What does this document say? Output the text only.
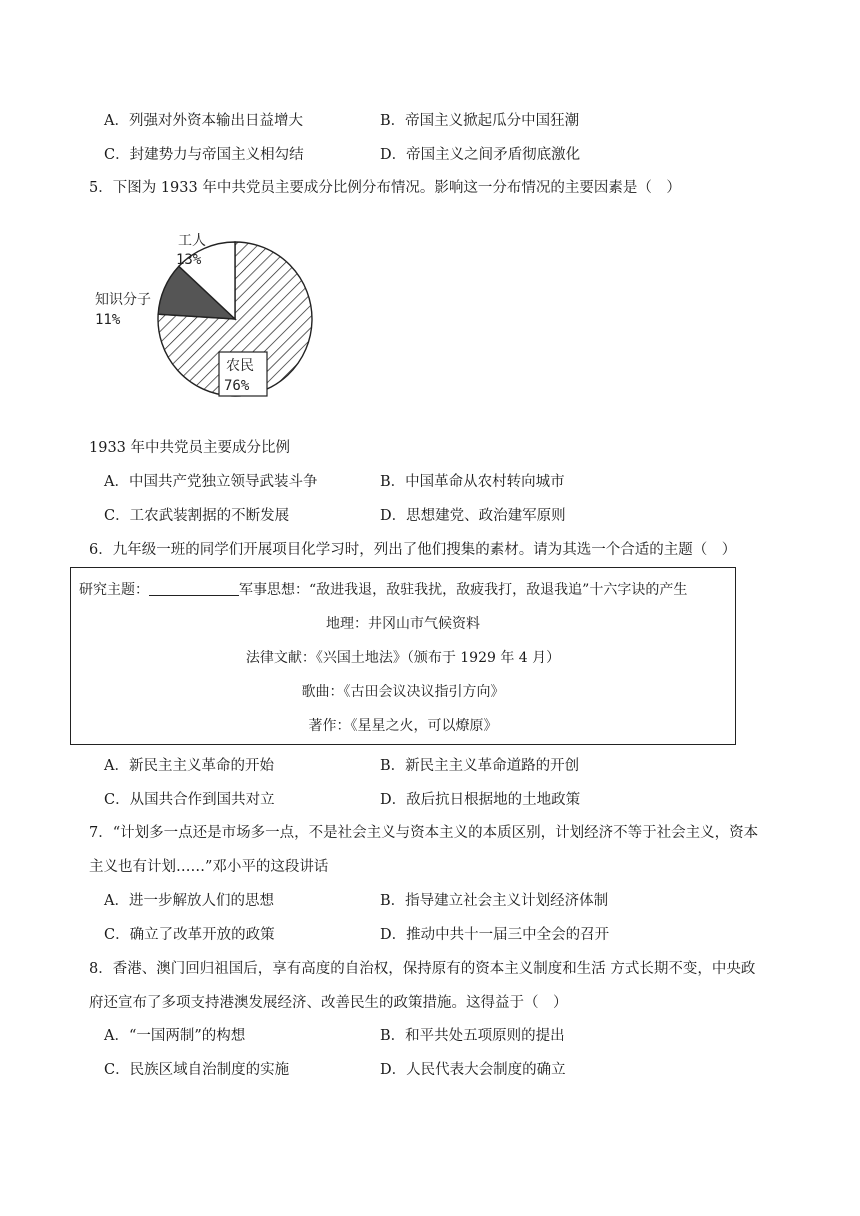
A．列强对外资本输出日益增大	B．帝国主义掀起瓜分中国狂潮
C．封建势力与帝国主义相勾结	D．帝国主义之间矛盾彻底激化
5．下图为 1933 年中共党员主要成分比例分布情况。影响这一分布情况的主要因素是（　）
工人
13%
知识分子
11%
农民
76%
1933 年中共党员主要成分比例
A．中国共产党独立领导武装斗争	B．中国革命从农村转向城市
C．工农武装割据的不断发展	D．思想建党、政治建军原则
6．九年级一班的同学们开展项目化学习时，列出了他们搜集的素材。请为其选一个合适的主题（　）
研究主题：	军事思想：“敌进我退，敌驻我扰，敌疲我打，敌退我追”十六字诀的产生
地理：井冈山市气候资料
法律文献：《兴国土地法》（颁布于 1929 年 4 月）
歌曲：《古田会议决议指引方向》
著作：《星星之火，可以燎原》
A．新民主主义革命的开始	B．新民主主义革命道路的开创
C．从国共合作到国共对立	D．敌后抗日根据地的土地政策
7．“计划多一点还是市场多一点，不是社会主义与资本主义的本质区别，计划经济不等于社会主义，资本
主义也有计划……”邓小平的这段讲话
A．进一步解放人们的思想	B．指导建立社会主义计划经济体制
C．确立了改革开放的政策	D．推动中共十一届三中全会的召开
8．香港、澳门回归祖国后，享有高度的自治权，保持原有的资本主义制度和生活 方式长期不变，中央政
府还宣布了多项支持港澳发展经济、改善民生的政策措施。这得益于（　）
A．“一国两制”的构想	B．和平共处五项原则的提出
C．民族区域自治制度的实施	D．人民代表大会制度的确立
